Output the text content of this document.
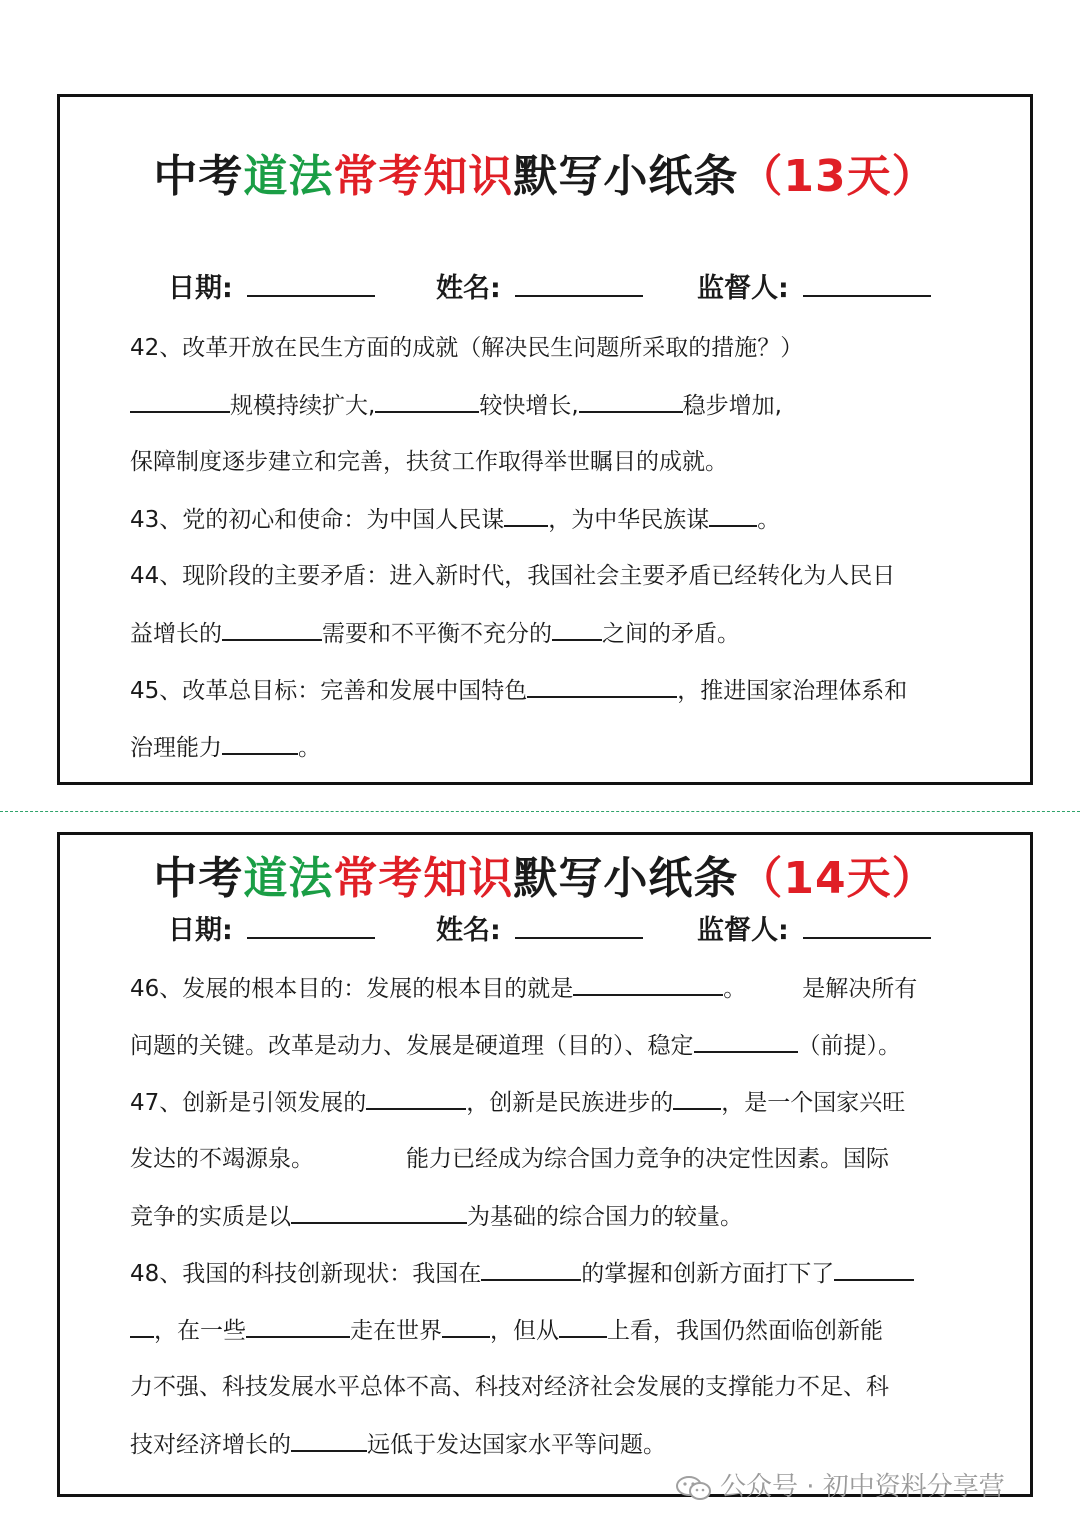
中考道法常考知识默写小纸条（13天）
日期:	姓名:	监督人:
42、改革开放在民生方面的成就（解决民生问题所采取的措施？）
规模持续扩大,	较快增长,	稳步增加,
保障制度逐步建立和完善，扶贫工作取得举世瞩目的成就。
43、党的初心和使命：为中国人民谋 ，为中华民族谋 。
44、现阶段的主要矛盾：进入新时代，我国社会主要矛盾已经转化为人民日
益增长的	需要和不平衡不充分的 之间的矛盾。
45、改革总目标：完善和发展中国特色	，推进国家治理体系和
治理能力	。
中考道法常考知识默写小纸条（14天）
日期:	姓名:	监督人:
46、发展的根本目的：发展的根本目的就是	。 是解决所有
问题的关键。改革是动力、发展是硬道理（目的）、稳定	（前提）。
47、创新是引领发展的	，创新是民族进步的 ，是一个国家兴旺
发达的不竭源泉。	能力已经成为综合国力竞争的决定性因素。国际
竞争的实质是以	为基础的综合国力的较量。
48、我国的科技创新现状：我国在	的掌握和创新方面打下了
，在一些	走在世界 ，但从 上看，我国仍然面临创新能
力不强、科技发展水平总体不高、科技对经济社会发展的支撑能力不足、科
技对经济增长的	远低于发达国家水平等问题。
公众号 · 初中资料分享营
